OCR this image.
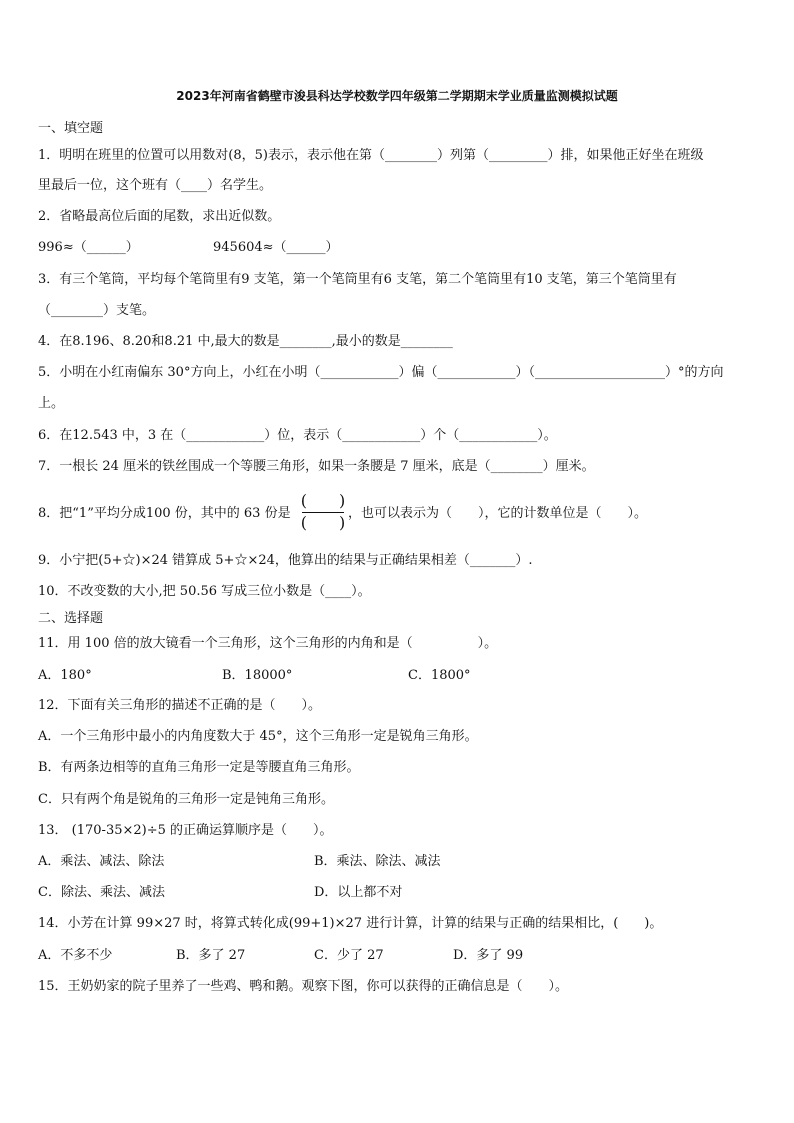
2023年河南省鹤壁市浚县科达学校数学四年级第二学期期末学业质量监测模拟试题
一、填空题
1．明明在班里的位置可以用数对(8，5)表示，表示他在第（________）列第（_________）排，如果他正好坐在班级
里最后一位，这个班有（____）名学生。
2．省略最高位后面的尾数，求出近似数。
996≈（______）	945604≈（______）
3．有三个笔筒，平均每个笔筒里有9 支笔，第一个笔筒里有6 支笔，第二个笔筒里有10 支笔，第三个笔筒里有
（________）支笔。
4．在8.196、8.20和8.21 中,最大的数是________,最小的数是________
5．小明在小红南偏东 30°方向上，小红在小明（____________）偏（____________）（____________________）°的方向
上。
6．在12.543 中，3 在（____________）位，表示（____________）个（____________）。
7．一根长 24 厘米的铁丝围成一个等腰三角形，如果一条腰是 7 厘米，底是（________）厘米。
8．把“1”平均分成100 份，其中的 63 份是
(　　)
(　　) ，也可以表示为（　　），它的计数单位是（　　）。
9．小宁把(5+☆)×24 错算成 5+☆×24，他算出的结果与正确结果相差（_______）.
10．不改变数的大小,把 50.56 写成三位小数是（____）。
二、选择题
11．用 100 倍的放大镜看一个三角形，这个三角形的内角和是（　　　　　）。
A．180°	B．18000°	C．1800°
12．下面有关三角形的描述不正确的是（　　）。
A．一个三角形中最小的内角度数大于 45°，这个三角形一定是锐角三角形。
B．有两条边相等的直角三角形一定是等腰直角三角形。
C．只有两个角是锐角的三角形一定是钝角三角形。
13． (170-35×2)÷5 的正确运算顺序是（　　）。
A．乘法、减法、除法	B．乘法、除法、减法
C．除法、乘法、减法	D．以上都不对
14．小芳在计算 99×27 时，将算式转化成(99+1)×27 进行计算，计算的结果与正确的结果相比，(　　)。
A．不多不少	B．多了 27	C．少了 27	D．多了 99
15．王奶奶家的院子里养了一些鸡、鸭和鹅。观察下图，你可以获得的正确信息是（　　）。
